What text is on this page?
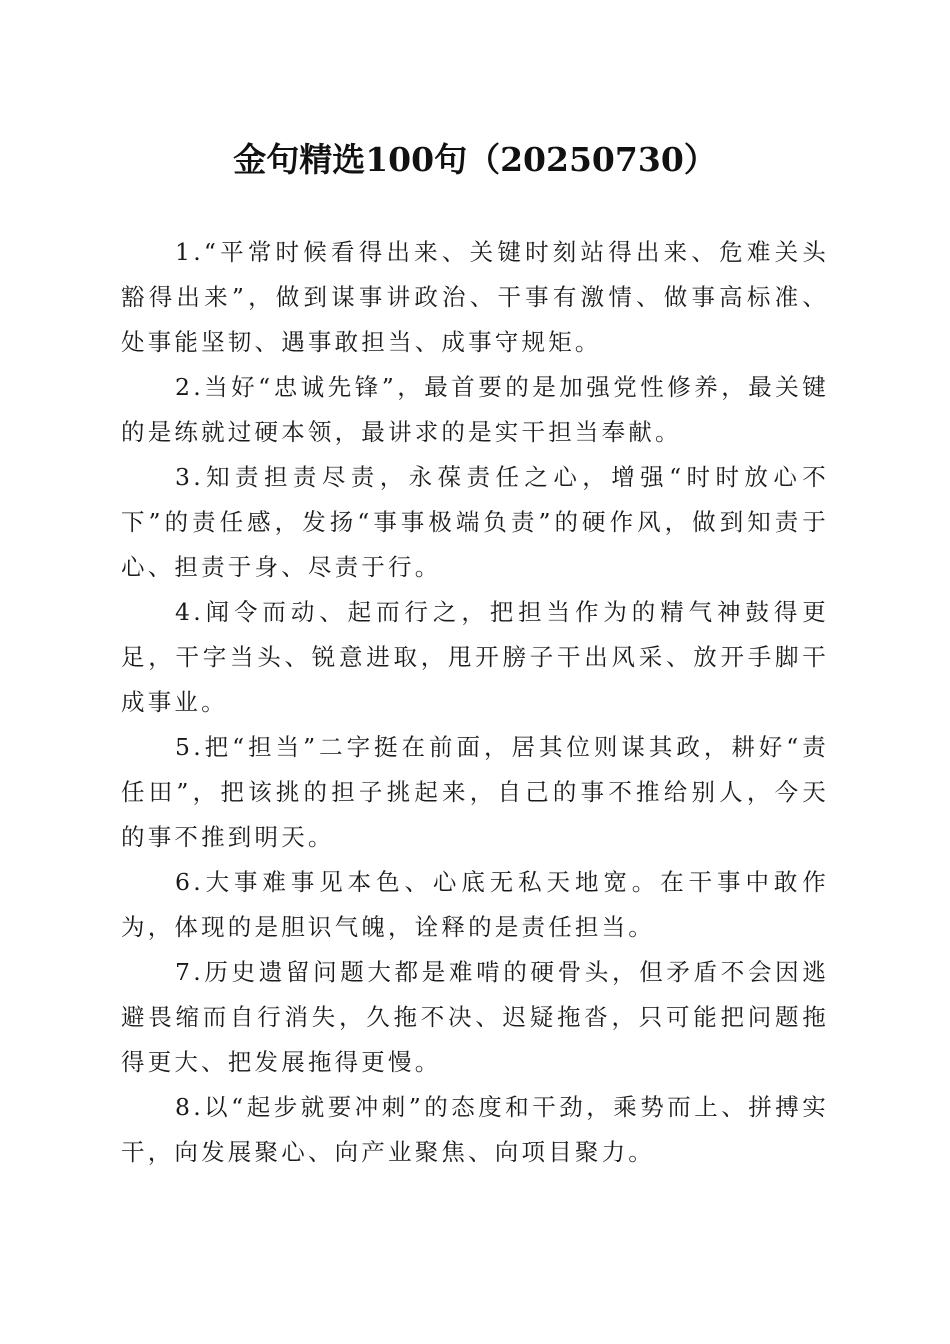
金句精选100句（20250730）

1.“平常时候看得出来、关键时刻站得出来、危难关头豁得出来”，做到谋事讲政治、干事有激情、做事高标准、处事能坚韧、遇事敢担当、成事守规矩。

2.当好“忠诚先锋”，最首要的是加强党性修养，最关键的是练就过硬本领，最讲求的是实干担当奉献。

3.知责担责尽责，永葆责任之心，增强“时时放心不下”的责任感，发扬“事事极端负责”的硬作风，做到知责于心、担责于身、尽责于行。

4.闻令而动、起而行之，把担当作为的精气神鼓得更足，干字当头、锐意进取，甩开膀子干出风采、放开手脚干成事业。

5.把“担当”二字挺在前面，居其位则谋其政，耕好“责任田”，把该挑的担子挑起来，自己的事不推给别人，今天的事不推到明天。

6.大事难事见本色、心底无私天地宽。在干事中敢作为，体现的是胆识气魄，诠释的是责任担当。

7.历史遗留问题大都是难啃的硬骨头，但矛盾不会因逃避畏缩而自行消失，久拖不决、迟疑拖沓，只可能把问题拖得更大、把发展拖得更慢。

8.以“起步就要冲刺”的态度和干劲，乘势而上、拼搏实干，向发展聚心、向产业聚焦、向项目聚力。
